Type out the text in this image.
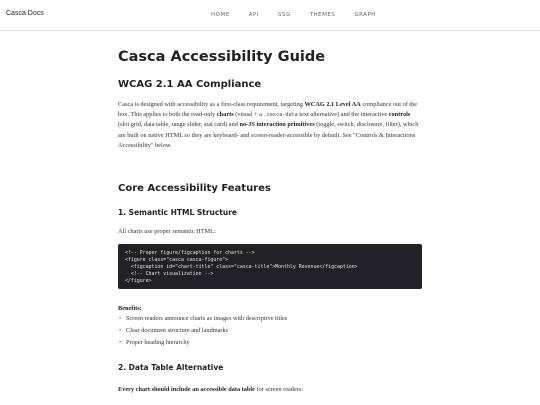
Casca Docs	HOME	API	SSG	THEMES	GRAPH
Casca Accessibility Guide
WCAG 2.1 AA Compliance

Casca is designed with accessibility as a first-class requirement, targeting WCAG 2.1 Level AA compliance out of the box. This applies to both the read-only charts (visual + a .casca-data text alternative) and the interactive controls (slot grid, data table, range slider, stat card) and no-JS interaction primitives (toggle, switch, disclosure, filter), which are built on native HTML so they are keyboard- and screen-reader-accessible by default. See "Controls & Interactions Accessibility" below.

Core Accessibility Features
1. Semantic HTML Structure

All charts use proper semantic HTML:

<!-- Proper figure/figcaption for charts -->
<figure class="casca casca-figure">
<figcaption id="chart-title" class="casca-title">Monthly Revenue</figcaption>
<!-- Chart visualization -->
</figure>

Benefits:

• Screen readers announce charts as images with descriptive titles
• Clear document structure and landmarks
• Proper heading hierarchy
2. Data Table Alternative

Every chart should include an accessible data table for screen readers:
